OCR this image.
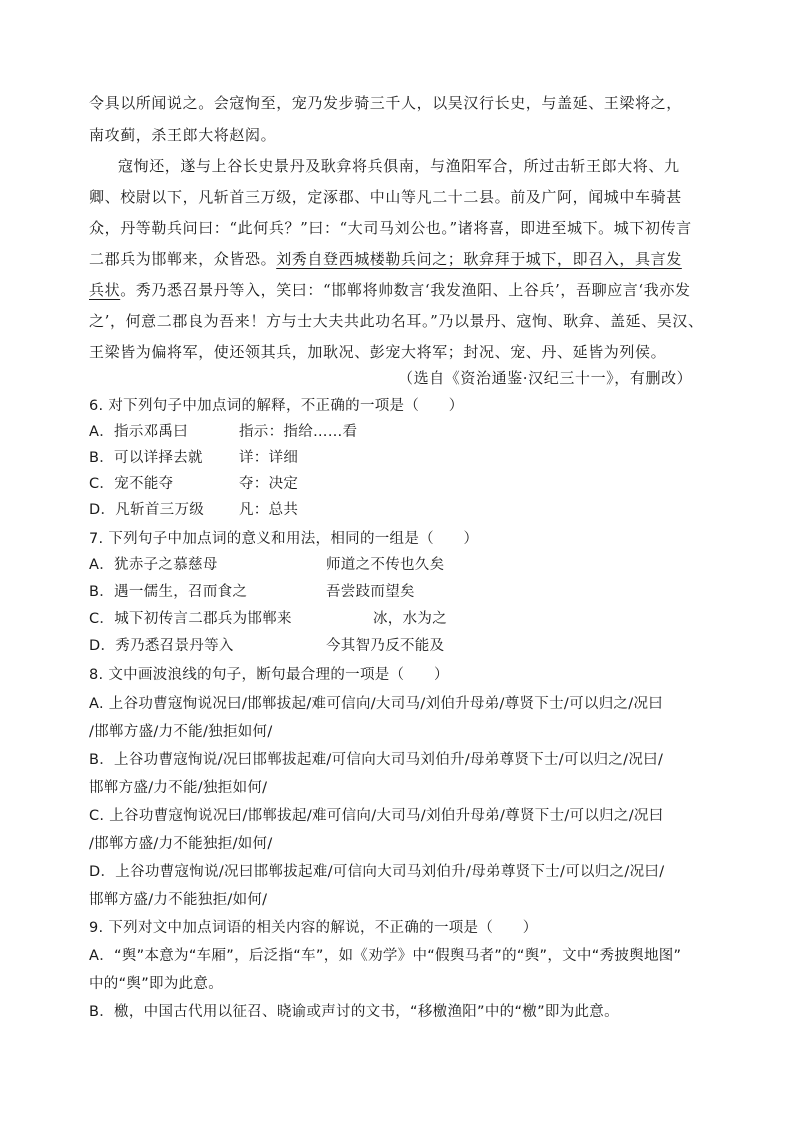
令具以所闻说之。会寇恂至，宠乃发步骑三千人，以吴汉行长史，与盖延、王梁将之，
南攻蓟，杀王郎大将赵闳。
寇恂还，遂与上谷长史景丹及耿弇将兵俱南，与渔阳军合，所过击斩王郎大将、九
卿、校尉以下，凡斩首三万级，定涿郡、中山等凡二十二县。前及广阿，闻城中车骑甚
众，丹等勒兵问曰：“此何兵？”曰：“大司马刘公也。”诸将喜，即进至城下。城下初传言
二郡兵为邯郸来，众皆恐。刘秀自登西城楼勒兵问之；耿弇拜于城下，即召入，具言发
兵状。秀乃悉召景丹等入，笑曰：“邯郸将帅数言‘我发渔阳、上谷兵’，吾聊应言‘我亦发
之’，何意二郡良为吾来！方与士大夫共此功名耳。”乃以景丹、寇恂、耿弇、盖延、吴汉、
王梁皆为偏将军，使还领其兵，加耿况、彭宠大将军；封况、宠、丹、延皆为列侯。
（选自《资治通鉴·汉纪三十一》，有删改）
6. 对下列句子中加点词的解释，不正确的一项是（　　）
A．指示邓禹曰	指示：指给……看
B．可以详择去就 详：详细
C．宠不能夺	夺：决定
D．凡斩首三万级 凡：总共
7. 下列句子中加点词的意义和用法，相同的一组是（　　）
A．犹赤子之慕慈母	师道之不传也久矣
B．遇一儒生，召而食之	吾尝跂而望矣
C．城下初传言二郡兵为邯郸来	冰，水为之
D．秀乃悉召景丹等入	今其智乃反不能及
8. 文中画波浪线的句子，断句最合理的一项是（　　）
A. 上谷功曹寇恂说况曰/邯郸拔起/难可信向/大司马/刘伯升母弟/尊贤下士/可以归之/况曰
/邯郸方盛/力不能/独拒如何/
B．上谷功曹寇恂说/况曰邯郸拔起难/可信向大司马刘伯升/母弟尊贤下士/可以归之/况曰/
邯郸方盛/力不能/独拒如何/
C. 上谷功曹寇恂说况曰/邯郸拔起/难可信向/大司马/刘伯升母弟/尊贤下士/可以归之/况曰
/邯郸方盛/力不能独拒/如何/
D．上谷功曹寇恂说/况曰邯郸拔起难/可信向大司马刘伯升/母弟尊贤下士/可以归之/况曰/
邯郸方盛/力不能独拒/如何/
9. 下列对文中加点词语的相关内容的解说，不正确的一项是（　　）
A．“舆”本意为“车厢”，后泛指“车”，如《劝学》中“假舆马者”的“舆”，文中“秀披舆地图”
中的“舆”即为此意。
B．檄，中国古代用以征召、晓谕或声讨的文书，“移檄渔阳”中的“檄”即为此意。
